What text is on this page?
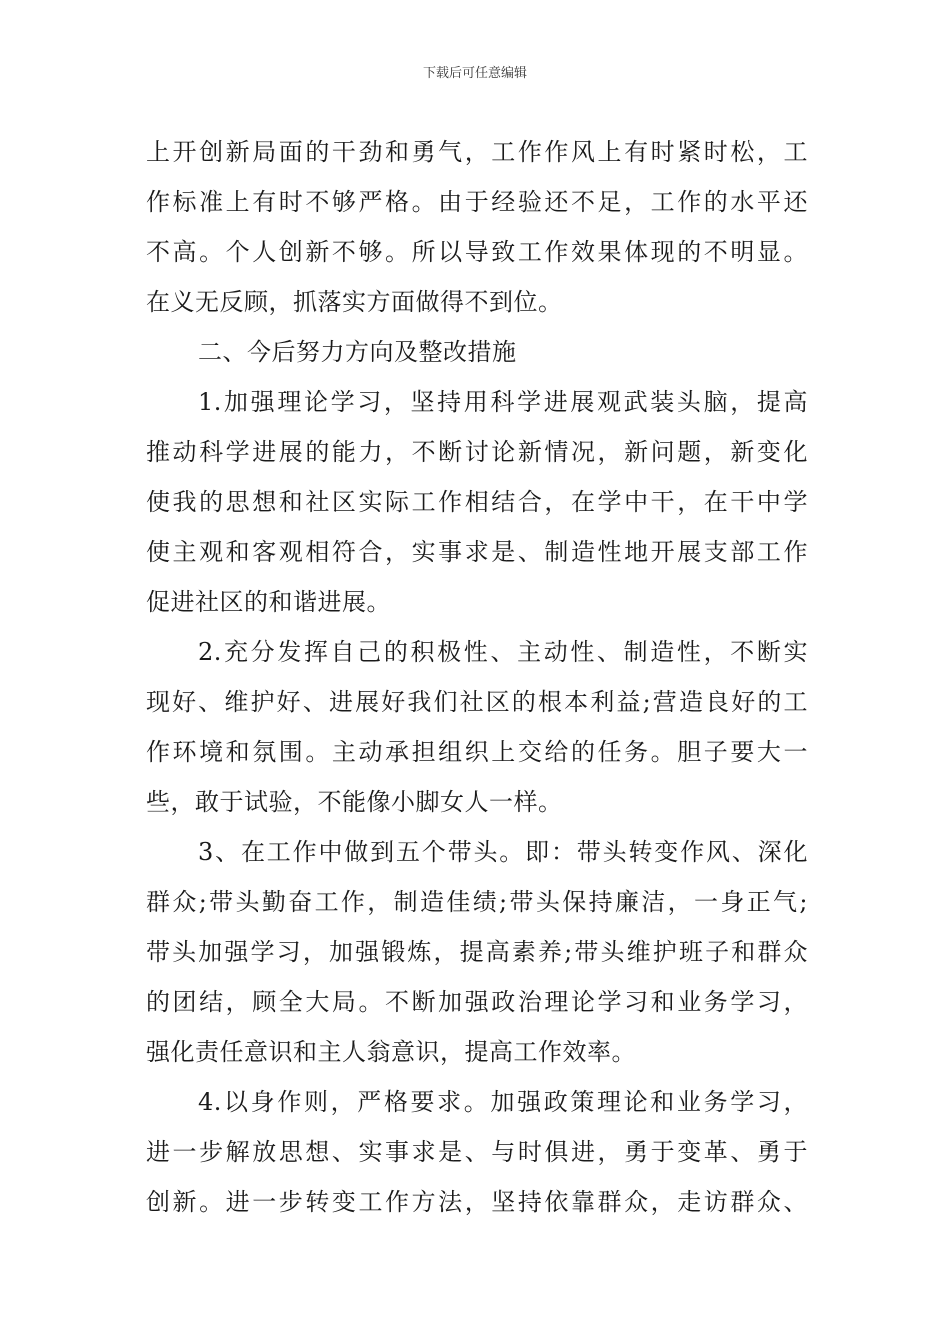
下载后可任意编辑
上开创新局面的干劲和勇气，工作作风上有时紧时松，工
作标准上有时不够严格。由于经验还不足，工作的水平还
不高。个人创新不够。所以导致工作效果体现的不明显。
在义无反顾，抓落实方面做得不到位。
二、今后努力方向及整改措施
1.加强理论学习，坚持用科学进展观武装头脑，提高
推动科学进展的能力，不断讨论新情况，新问题，新变化
使我的思想和社区实际工作相结合，在学中干，在干中学
使主观和客观相符合，实事求是、制造性地开展支部工作
促进社区的和谐进展。
2.充分发挥自己的积极性、主动性、制造性，不断实
现好、维护好、进展好我们社区的根本利益;营造良好的工
作环境和氛围。主动承担组织上交给的任务。胆子要大一
些，敢于试验，不能像小脚女人一样。
3、在工作中做到五个带头。即：带头转变作风、深化
群众;带头勤奋工作，制造佳绩;带头保持廉洁，一身正气;
带头加强学习，加强锻炼，提高素养;带头维护班子和群众
的团结，顾全大局。不断加强政治理论学习和业务学习，
强化责任意识和主人翁意识，提高工作效率。
4.以身作则，严格要求。加强政策理论和业务学习，
进一步解放思想、实事求是、与时俱进，勇于变革、勇于
创新。进一步转变工作方法，坚持依靠群众，走访群众、
